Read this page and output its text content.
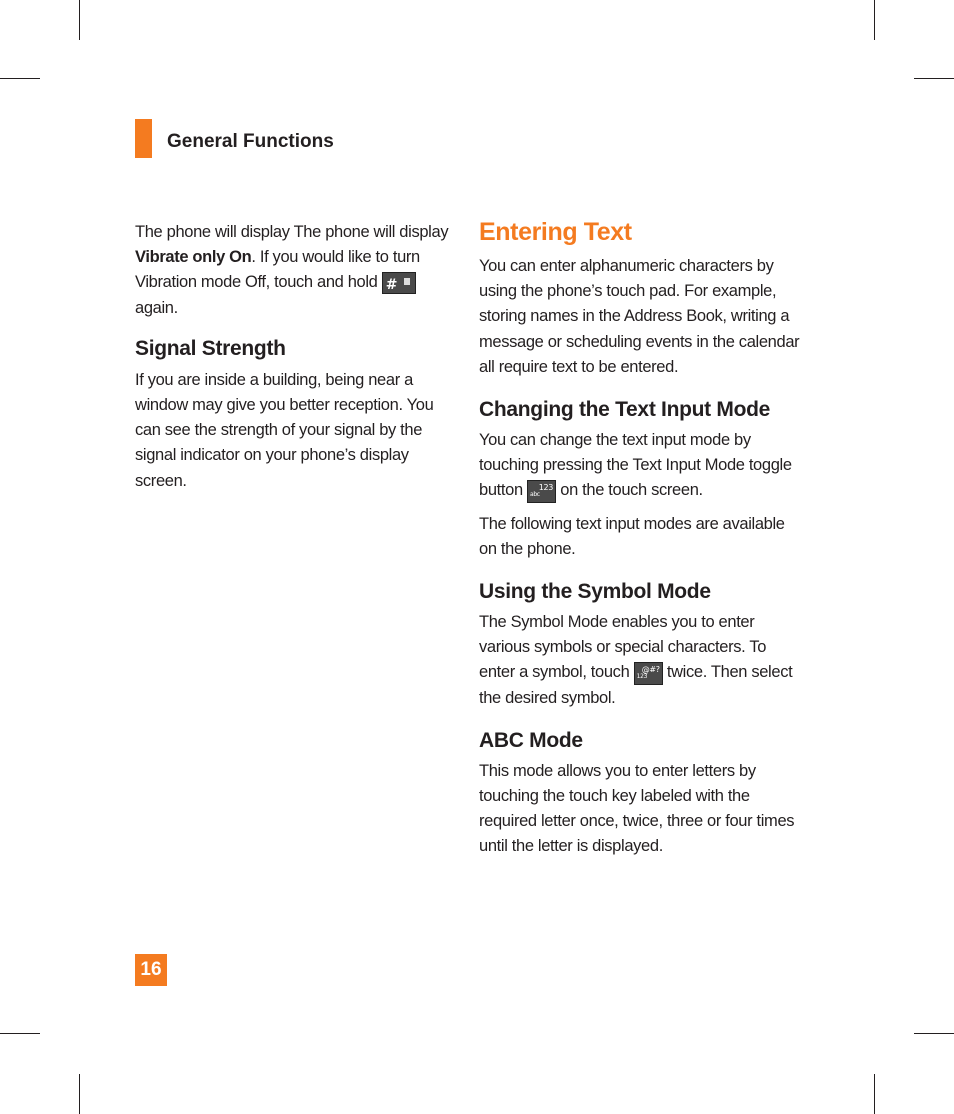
General Functions

The phone will display The phone will display Vibrate only On. If you would like to turn Vibration mode Off, touch and hold #
again.

Signal Strength

If you are inside a building, being near a window may give you better reception. You can see the strength of your signal by the signal indicator on your phone’s display screen.

Entering Text

You can enter alphanumeric characters by using the phone’s touch pad. For example, storing names in the Address Book, writing a message or scheduling events in the calendar all require text to be entered.

Changing the Text Input Mode

You can change the text input mode by touching pressing the Text Input Mode toggle button abc
123 on the touch screen.

The following text input modes are available on the phone.

Using the Symbol Mode

The Symbol Mode enables you to enter various symbols or special characters. To enter a symbol, touch 123
@#? twice. Then select the desired symbol.

ABC Mode

This mode allows you to enter letters by touching the touch key labeled with the required letter once, twice, three or four times until the letter is displayed.

16
